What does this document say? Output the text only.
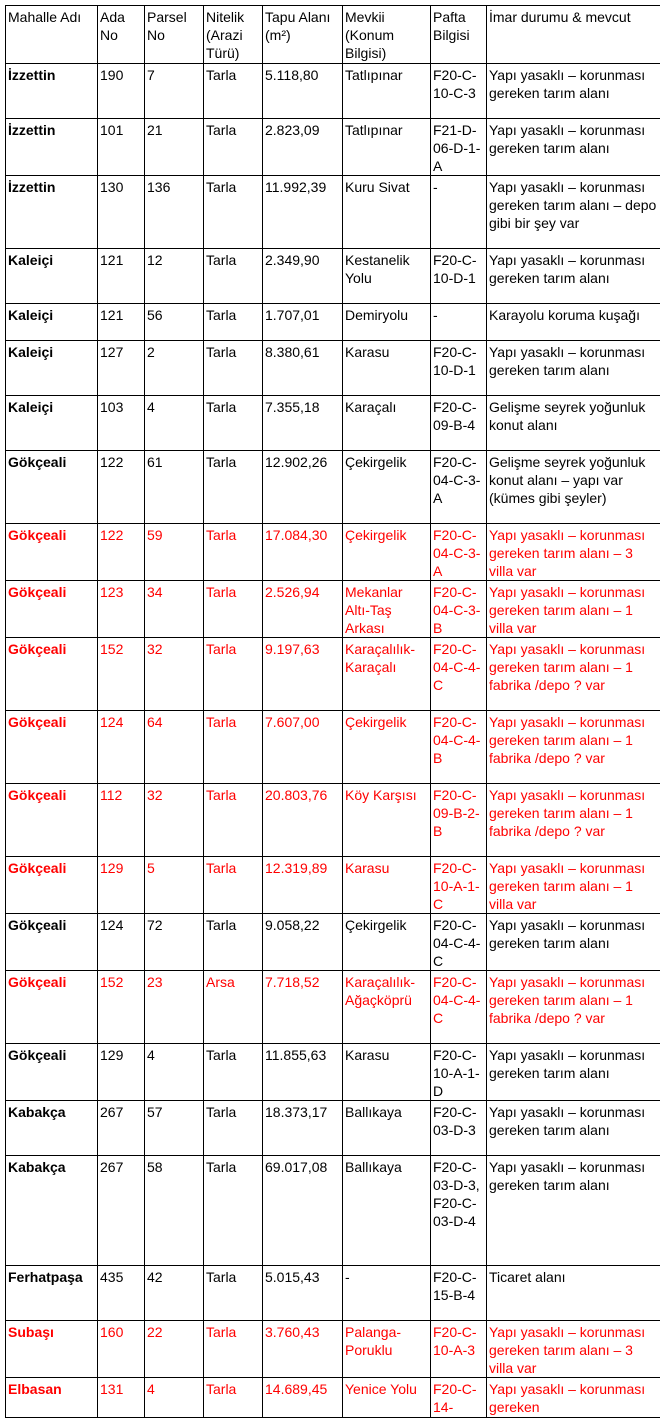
Mahalle Adı	Ada No	Parsel No	Nitelik (Arazi Türü)	Tapu Alanı (m²)	Mevkii (Konum Bilgisi)	Pafta Bilgisi	İmar durumu & mevcut
İzzettin	190	7	Tarla	5.118,80	Tatlıpınar	F20-C-10-C-3	Yapı yasaklı – korunması gereken tarım alanı
İzzettin	101	21	Tarla	2.823,09	Tatlıpınar	F21-D-06-D-1-A	Yapı yasaklı – korunması gereken tarım alanı
İzzettin	130	136	Tarla	11.992,39	Kuru Sivat	-	Yapı yasaklı – korunması gereken tarım alanı – depo gibi bir şey var
Kaleiçi	121	12	Tarla	2.349,90	Kestanelik Yolu	F20-C-10-D-1	Yapı yasaklı – korunması gereken tarım alanı
Kaleiçi	121	56	Tarla	1.707,01	Demiryolu	-	Karayolu koruma kuşağı
Kaleiçi	127	2	Tarla	8.380,61	Karasu	F20-C-10-D-1	Yapı yasaklı – korunması gereken tarım alanı
Kaleiçi	103	4	Tarla	7.355,18	Karaçalı	F20-C-09-B-4	Gelişme seyrek yoğunluk konut alanı
Gökçeali	122	61	Tarla	12.902,26	Çekirgelik	F20-C-04-C-3-A	Gelişme seyrek yoğunluk konut alanı – yapı var (kümes gibi şeyler)
Gökçeali	122	59	Tarla	17.084,30	Çekirgelik	F20-C-04-C-3-A	Yapı yasaklı – korunması gereken tarım alanı – 3 villa var
Gökçeali	123	34	Tarla	2.526,94	Mekanlar Altı-Taş Arkası	F20-C-04-C-3-B	Yapı yasaklı – korunması gereken tarım alanı – 1 villa var
Gökçeali	152	32	Tarla	9.197,63	Karaçalılık-Karaçalı	F20-C-04-C-4-C	Yapı yasaklı – korunması gereken tarım alanı – 1 fabrika /depo ? var
Gökçeali	124	64	Tarla	7.607,00	Çekirgelik	F20-C-04-C-4-B	Yapı yasaklı – korunması gereken tarım alanı – 1 fabrika /depo ? var
Gökçeali	112	32	Tarla	20.803,76	Köy Karşısı	F20-C-09-B-2-B	Yapı yasaklı – korunması gereken tarım alanı – 1 fabrika /depo ? var
Gökçeali	129	5	Tarla	12.319,89	Karasu	F20-C-10-A-1-C	Yapı yasaklı – korunması gereken tarım alanı – 1 villa var
Gökçeali	124	72	Tarla	9.058,22	Çekirgelik	F20-C-04-C-4-C	Yapı yasaklı – korunması gereken tarım alanı
Gökçeali	152	23	Arsa	7.718,52	Karaçalılık-Ağaçköprü	F20-C-04-C-4-C	Yapı yasaklı – korunması gereken tarım alanı – 1 fabrika /depo ? var
Gökçeali	129	4	Tarla	11.855,63	Karasu	F20-C-10-A-1-D	Yapı yasaklı – korunması gereken tarım alanı
Kabakça	267	57	Tarla	18.373,17	Ballıkaya	F20-C-03-D-3	Yapı yasaklı – korunması gereken tarım alanı
Kabakça	267	58	Tarla	69.017,08	Ballıkaya	F20-C-03-D-3, F20-C-03-D-4	Yapı yasaklı – korunması gereken tarım alanı
Ferhatpaşa	435	42	Tarla	5.015,43	-	F20-C-15-B-4	Ticaret alanı
Subaşı	160	22	Tarla	3.760,43	Palanga-Poruklu	F20-C-10-A-3	Yapı yasaklı – korunması gereken tarım alanı – 3 villa var
Elbasan	131	4	Tarla	14.689,45	Yenice Yolu	F20-C-14-	Yapı yasaklı – korunması gereken
